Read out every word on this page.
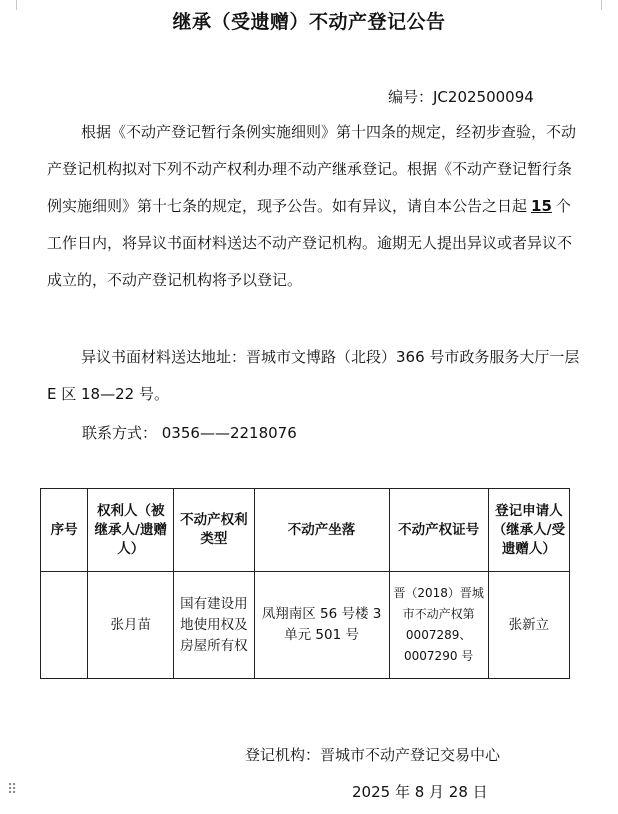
继承（受遗赠）不动产登记公告
编号：JC202500094

根据《不动产登记暂行条例实施细则》第十四条的规定，经初步查验，不动产登记机构拟对下列不动产权利办理不动产继承登记。根据《不动产登记暂行条例实施细则》第十七条的规定，现予公告。如有异议，请自本公告之日起 15 个工作日内，将异议书面材料送达不动产登记机构。逾期无人提出异议或者异议不成立的，不动产登记机构将予以登记。

异议书面材料送达地址：晋城市文博路（北段）366 号市政务服务大厅一层 E 区 18—22 号。

联系方式： 0356——2218076
序号	权利人（被继承人/遗赠人）	不动产权利类型	不动产坐落	不动产权证号	登记申请人（继承人/受遗赠人）
	张月苗	国有建设用地使用权及房屋所有权	凤翔南区 56 号楼 3 单元 501 号	晋（2018）晋城市不动产权第 0007289、0007290 号	张新立
登记机构：晋城市不动产登记交易中心
2025 年 8 月 28 日
⠿
